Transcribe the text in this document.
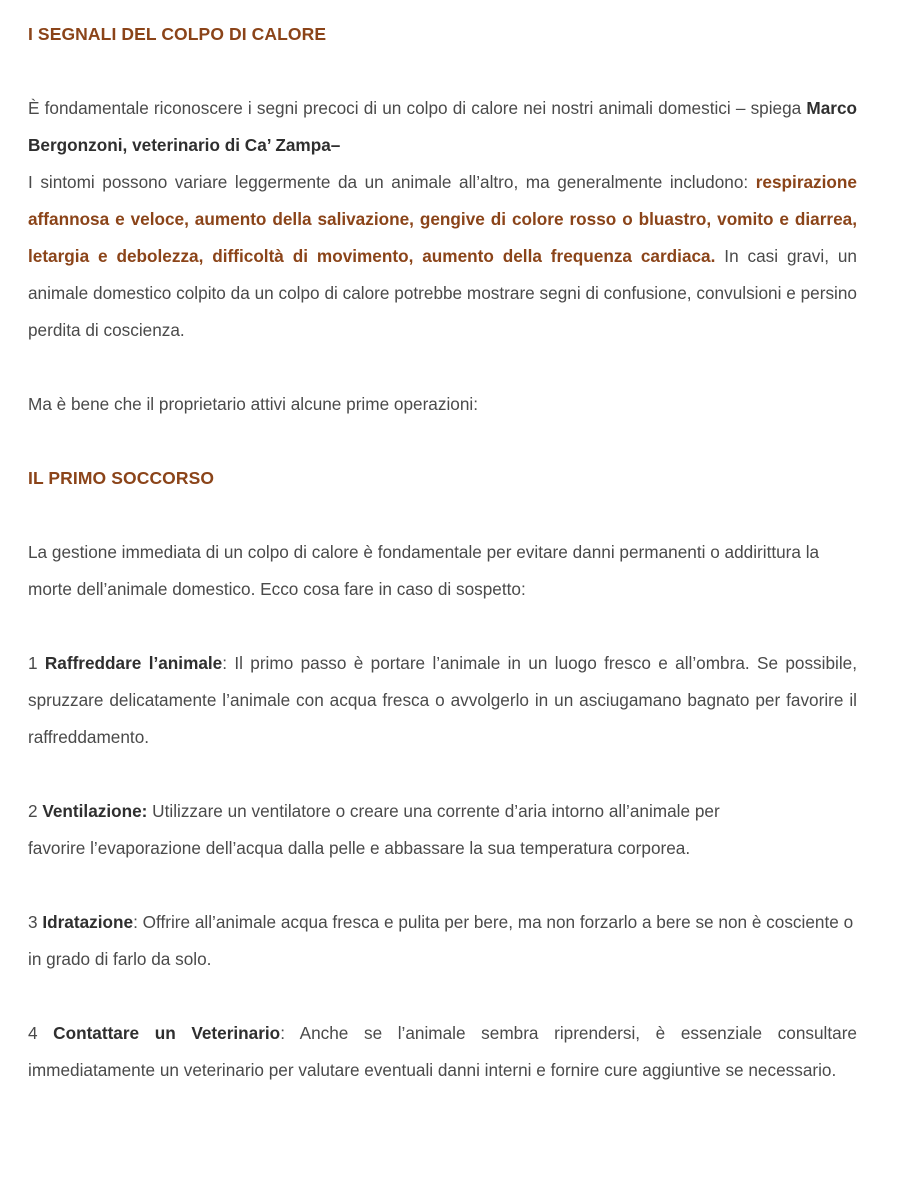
I SEGNALI DEL COLPO DI CALORE

È fondamentale riconoscere i segni precoci di un colpo di calore nei nostri animali domestici – spiega Marco Bergonzoni, veterinario di Ca’ Zampa–

I sintomi possono variare leggermente da un animale all’altro, ma generalmente includono: respirazione affannosa e veloce, aumento della salivazione, gengive di colore rosso o bluastro, vomito e diarrea, letargia e debolezza, difficoltà di movimento, aumento della frequenza cardiaca. In casi gravi, un animale domestico colpito da un colpo di calore potrebbe mostrare segni di confusione, convulsioni e persino perdita di coscienza.

Ma è bene che il proprietario attivi alcune prime operazioni:

IL PRIMO SOCCORSO

La gestione immediata di un colpo di calore è fondamentale per evitare danni permanenti o addirittura la morte dell’animale domestico. Ecco cosa fare in caso di sospetto:

1 Raffreddare l’animale: Il primo passo è portare l’animale in un luogo fresco e all’ombra. Se possibile, spruzzare delicatamente l’animale con acqua fresca o avvolgerlo in un asciugamano bagnato per favorire il raffreddamento.

2 Ventilazione: Utilizzare un ventilatore o creare una corrente d’aria intorno all’animale per favorire l’evaporazione dell’acqua dalla pelle e abbassare la sua temperatura corporea.

3 Idratazione: Offrire all’animale acqua fresca e pulita per bere, ma non forzarlo a bere se non è cosciente o in grado di farlo da solo.

4 Contattare un Veterinario: Anche se l’animale sembra riprendersi, è essenziale consultare immediatamente un veterinario per valutare eventuali danni interni e fornire cure aggiuntive se necessario.
